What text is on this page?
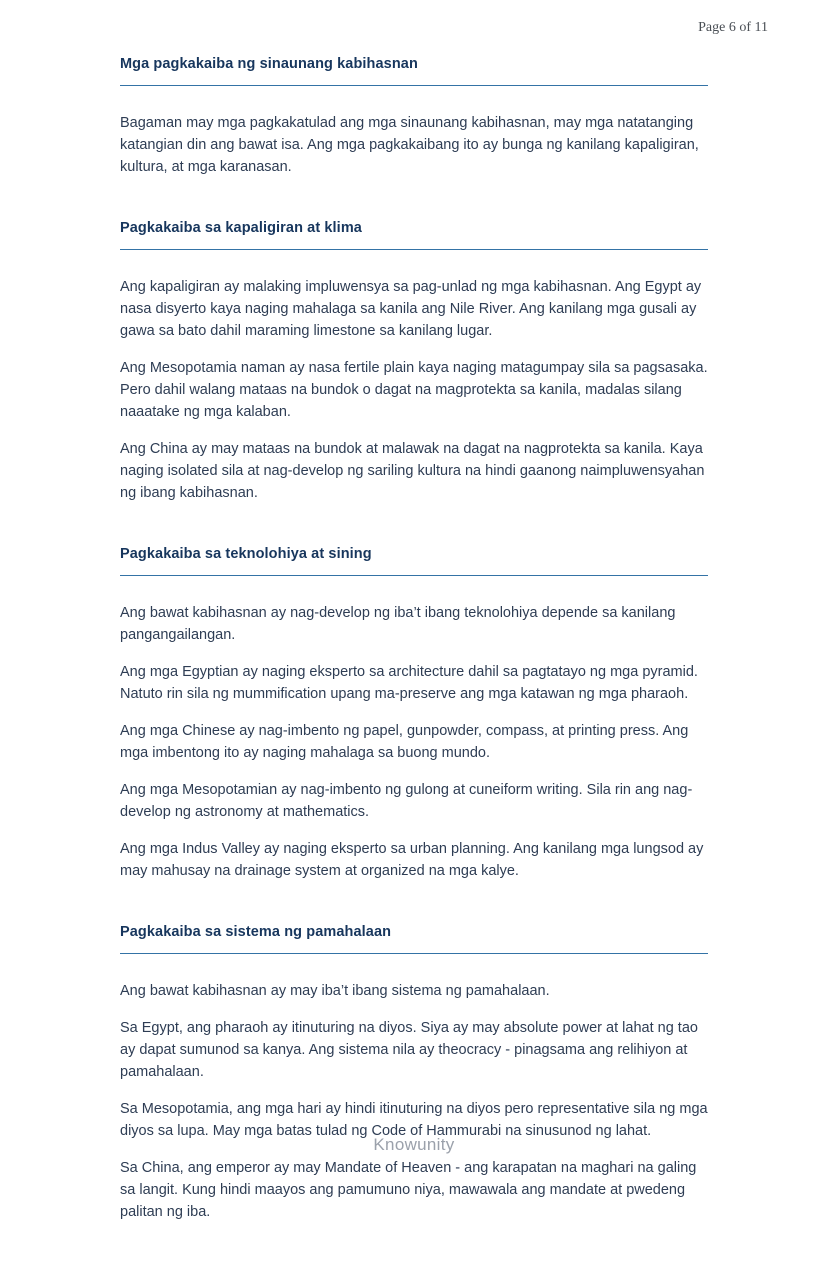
Page 6 of 11
Mga pagkakaiba ng sinaunang kabihasnan

Bagaman may mga pagkakatulad ang mga sinaunang kabihasnan, may mga natatanging katangian din ang bawat isa. Ang mga pagkakaibang ito ay bunga ng kanilang kapaligiran, kultura, at mga karanasan.

Pagkakaiba sa kapaligiran at klima

Ang kapaligiran ay malaking impluwensya sa pag-unlad ng mga kabihasnan. Ang Egypt ay nasa disyerto kaya naging mahalaga sa kanila ang Nile River. Ang kanilang mga gusali ay gawa sa bato dahil maraming limestone sa kanilang lugar.

Ang Mesopotamia naman ay nasa fertile plain kaya naging matagumpay sila sa pagsasaka. Pero dahil walang mataas na bundok o dagat na magprotekta sa kanila, madalas silang naaatake ng mga kalaban.

Ang China ay may mataas na bundok at malawak na dagat na nagprotekta sa kanila. Kaya naging isolated sila at nag-develop ng sariling kultura na hindi gaanong naimpluwensyahan ng ibang kabihasnan.

Pagkakaiba sa teknolohiya at sining

Ang bawat kabihasnan ay nag-develop ng iba’t ibang teknolohiya depende sa kanilang pangangailangan.

Ang mga Egyptian ay naging eksperto sa architecture dahil sa pagtatayo ng mga pyramid. Natuto rin sila ng mummification upang ma-preserve ang mga katawan ng mga pharaoh.

Ang mga Chinese ay nag-imbento ng papel, gunpowder, compass, at printing press. Ang mga imbentong ito ay naging mahalaga sa buong mundo.

Ang mga Mesopotamian ay nag-imbento ng gulong at cuneiform writing. Sila rin ang nag-develop ng astronomy at mathematics.

Ang mga Indus Valley ay naging eksperto sa urban planning. Ang kanilang mga lungsod ay may mahusay na drainage system at organized na mga kalye.

Pagkakaiba sa sistema ng pamahalaan

Ang bawat kabihasnan ay may iba’t ibang sistema ng pamahalaan.

Sa Egypt, ang pharaoh ay itinuturing na diyos. Siya ay may absolute power at lahat ng tao ay dapat sumunod sa kanya. Ang sistema nila ay theocracy - pinagsama ang relihiyon at pamahalaan.

Sa Mesopotamia, ang mga hari ay hindi itinuturing na diyos pero representative sila ng mga diyos sa lupa. May mga batas tulad ng Code of Hammurabi na sinusunod ng lahat.

Sa China, ang emperor ay may Mandate of Heaven - ang karapatan na maghari na galing sa langit. Kung hindi maayos ang pamumuno niya, mawawala ang mandate at pwedeng palitan ng iba.

Knowunity
